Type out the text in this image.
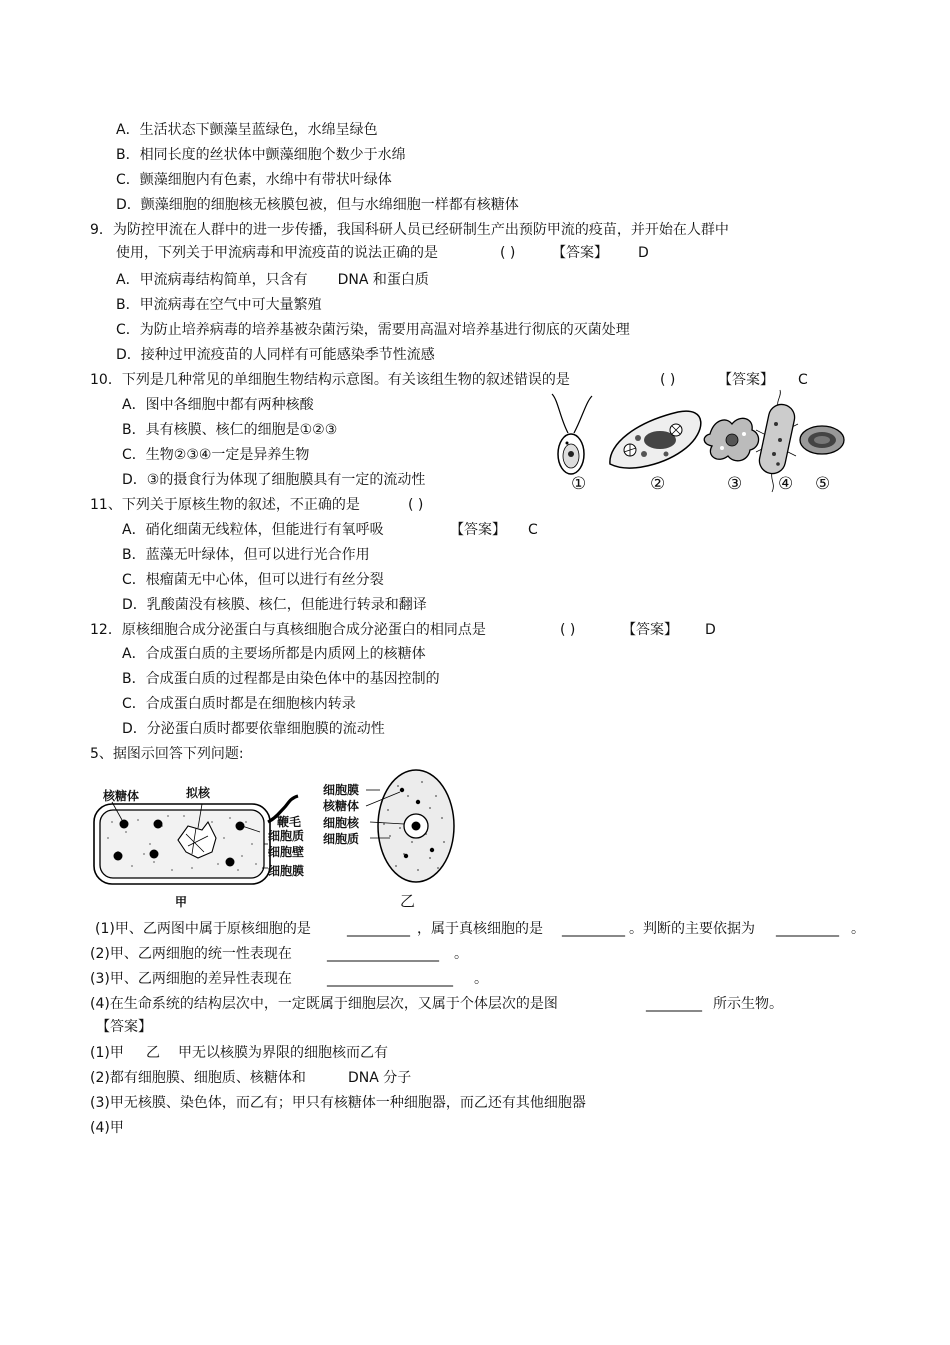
A．生活状态下颤藻呈蓝绿色，水绵呈绿色
B．相同长度的丝状体中颤藻细胞个数少于水绵
C．颤藻细胞内有色素，水绵中有带状叶绿体
D．颤藻细胞的细胞核无核膜包被，但与水绵细胞一样都有核糖体
9．为防控甲流在人群中的进一步传播，我国科研人员已经研制生产出预防甲流的疫苗，并开始在人群中
使用，下列关于甲流病毒和甲流疫苗的说法正确的是	( )	【答案】 D
A．甲流病毒结构简单，只含有 DNA 和蛋白质
B．甲流病毒在空气中可大量繁殖
C．为防止培养病毒的培养基被杂菌污染，需要用高温对培养基进行彻底的灭菌处理
D．接种过甲流疫苗的人同样有可能感染季节性流感
10．下列是几种常见的单细胞生物结构示意图。有关该组生物的叙述错误的是	( )	【答案】 C
A．图中各细胞中都有两种核酸
B．具有核膜、核仁的细胞是①②③
C．生物②③④一定是异养生物
D．③的摄食行为体现了细胞膜具有一定的流动性	①	②	③ ④ ⑤
11、下列关于原核生物的叙述，不正确的是	( )
A．硝化细菌无线粒体，但能进行有氧呼吸	【答案】 C
B．蓝藻无叶绿体，但可以进行光合作用
C．根瘤菌无中心体，但可以进行有丝分裂
D．乳酸菌没有核膜、核仁，但能进行转录和翻译
12．原核细胞合成分泌蛋白与真核细胞合成分泌蛋白的相同点是	( )	【答案】 D
A．合成蛋白质的主要场所都是内质网上的核糖体
B．合成蛋白质的过程都是由染色体中的基因控制的
C．合成蛋白质时都是在细胞核内转录
D．分泌蛋白质时都要依靠细胞膜的流动性
5、据图示回答下列问题:
核糖体	拟核
鞭毛
细胞质
细胞壁
细胞膜
甲
细胞膜
核糖体
细胞核
细胞质
乙
(1)甲、乙两图中属于原核细胞的是	_________ ，属于真核细胞的是 _________ 。判断的主要依据为 _________ 。
(2)甲、乙两细胞的统一性表现在	________________ 。
(3)甲、乙两细胞的差异性表现在	__________________ 。
(4)在生命系统的结构层次中，一定既属于细胞层次，又属于个体层次的是图	________ 所示生物。
【答案】
(1)甲 乙 甲无以核膜为界限的细胞核而乙有
(2)都有细胞膜、细胞质、核糖体和	DNA 分子
(3)甲无核膜、染色体，而乙有；甲只有核糖体一种细胞器，而乙还有其他细胞器
(4)甲
